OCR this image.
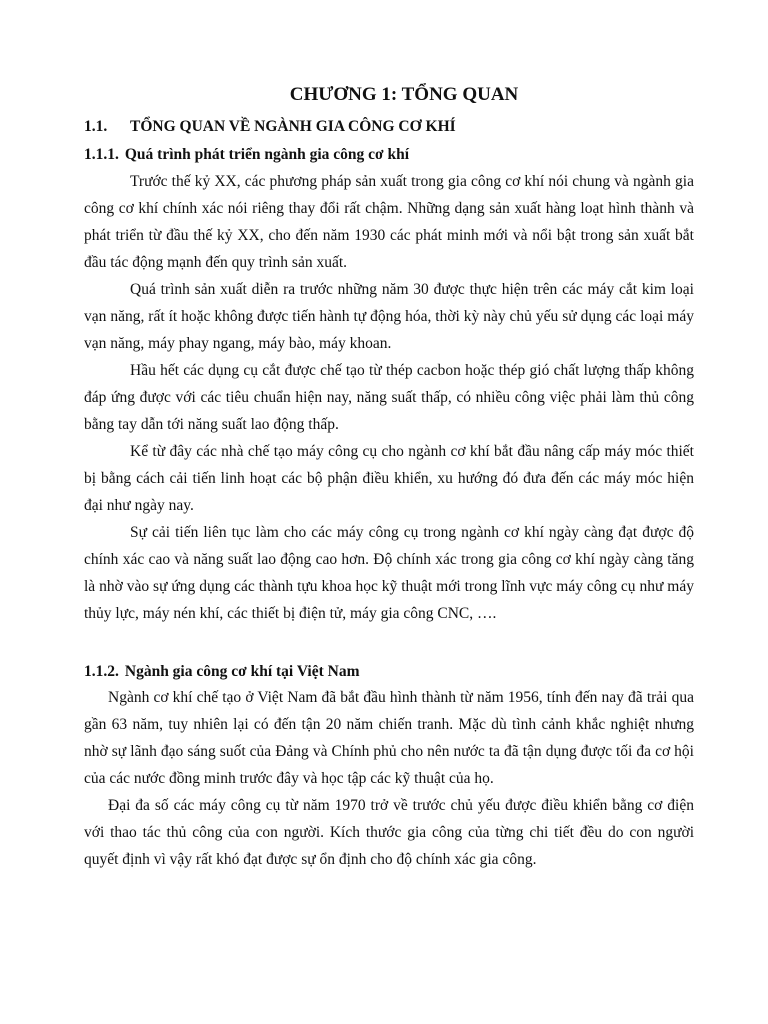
CHƯƠNG 1: TỔNG QUAN
1.1. TỔNG QUAN VỀ NGÀNH GIA CÔNG CƠ KHÍ
1.1.1. Quá trình phát triển ngành gia công cơ khí

Trước thế kỷ XX, các phương pháp sản xuất trong gia công cơ khí nói chung và ngành gia công cơ khí chính xác nói riêng thay đổi rất chậm. Những dạng sản xuất hàng loạt hình thành và phát triển từ đầu thế kỷ XX, cho đến năm 1930 các phát minh mới và nổi bật trong sản xuất bắt đầu tác động mạnh đến quy trình sản xuất.

Quá trình sản xuất diễn ra trước những năm 30 được thực hiện trên các máy cắt kim loại vạn năng, rất ít hoặc không được tiến hành tự động hóa, thời kỳ này chủ yếu sử dụng các loại máy vạn năng, máy phay ngang, máy bào, máy khoan.

Hầu hết các dụng cụ cắt được chế tạo từ thép cacbon hoặc thép gió chất lượng thấp không đáp ứng được với các tiêu chuẩn hiện nay, năng suất thấp, có nhiều công việc phải làm thủ công bằng tay dẫn tới năng suất lao động thấp.

Kể từ đây các nhà chế tạo máy công cụ cho ngành cơ khí bắt đầu nâng cấp máy móc thiết bị bằng cách cải tiến linh hoạt các bộ phận điều khiển, xu hướng đó đưa đến các máy móc hiện đại như ngày nay.

Sự cải tiến liên tục làm cho các máy công cụ trong ngành cơ khí ngày càng đạt được độ chính xác cao và năng suất lao động cao hơn. Độ chính xác trong gia công cơ khí ngày càng tăng là nhờ vào sự ứng dụng các thành tựu khoa học kỹ thuật mới trong lĩnh vực máy công cụ như máy thủy lực, máy nén khí, các thiết bị điện tử, máy gia công CNC, ….

1.1.2. Ngành gia công cơ khí tại Việt Nam

Ngành cơ khí chế tạo ở Việt Nam đã bắt đầu hình thành từ năm 1956, tính đến nay đã trải qua gần 63 năm, tuy nhiên lại có đến tận 20 năm chiến tranh. Mặc dù tình cảnh khắc nghiệt nhưng nhờ sự lãnh đạo sáng suốt của Đảng và Chính phủ cho nên nước ta đã tận dụng được tối đa cơ hội của các nước đồng minh trước đây và học tập các kỹ thuật của họ.

Đại đa số các máy công cụ từ năm 1970 trở về trước chủ yếu được điều khiển bằng cơ điện với thao tác thủ công của con người. Kích thước gia công của từng chi tiết đều do con người quyết định vì vậy rất khó đạt được sự ổn định cho độ chính xác gia công.
